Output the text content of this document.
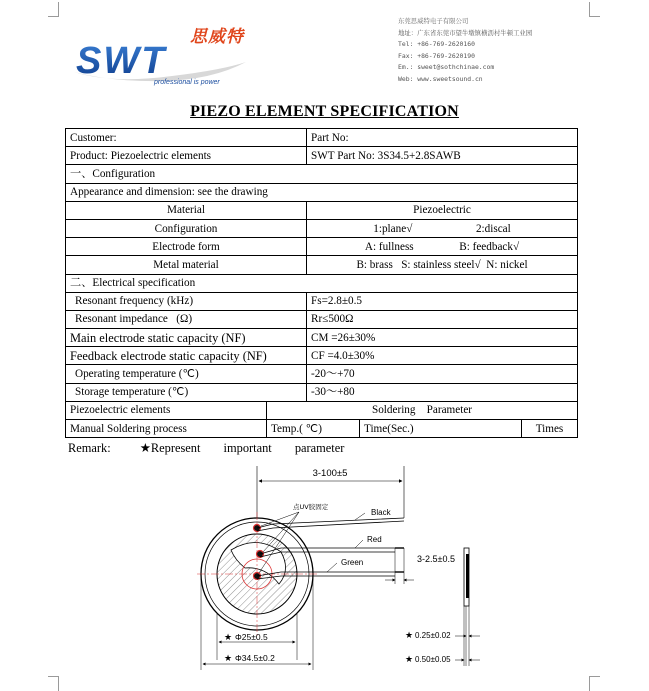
思威特
SWT
professional is power
东莞思威特电子有限公司
地址：广东省东莞市望牛墩镇横沥村牛顿工业园
Tel: +86-769-2620160
Fax: +86-769-2620190
Em.: sweet@sothchinae.com
Web: www.sweetsound.cn
PIEZO ELEMENT SPECIFICATION
Customer:		Part No:		
Product: Piezoelectric elements		SWT Part No: 3S34.5+2.8SAWB		
一、Configuration				
Appearance and dimension: see the drawing				
Material		Piezoelectric		
Configuration		1:plane√ 2:discal		
Electrode form		A: fullness B: feedback√		
Metal material		B: brass   S: stainless steel√  N: nickel		
二、Electrical specification				
Resonant frequency (kHz)		Fs=2.8±0.5		
Resonant impedance   (Ω)		Rr≤500Ω		
Main electrode static capacity (NF)		CM =26±30%		
Feedback electrode static capacity (NF)		CF =4.0±30%		
Operating temperature (℃)		-20～+70		
Storage temperature (℃)		-30～+80		
Piezoelectric elements	Soldering    Parameter			
Manual Soldering process	Temp.( ℃)		Time(Sec.)	Times
Remark: ★Represent important parameter
3-100±5
点UV胶固定
Black
Red
Green	3-2.5±0.5
★ Φ25±0.5
★ Φ34.5±0.2
★ 0.25±0.02
★ 0.50±0.05
